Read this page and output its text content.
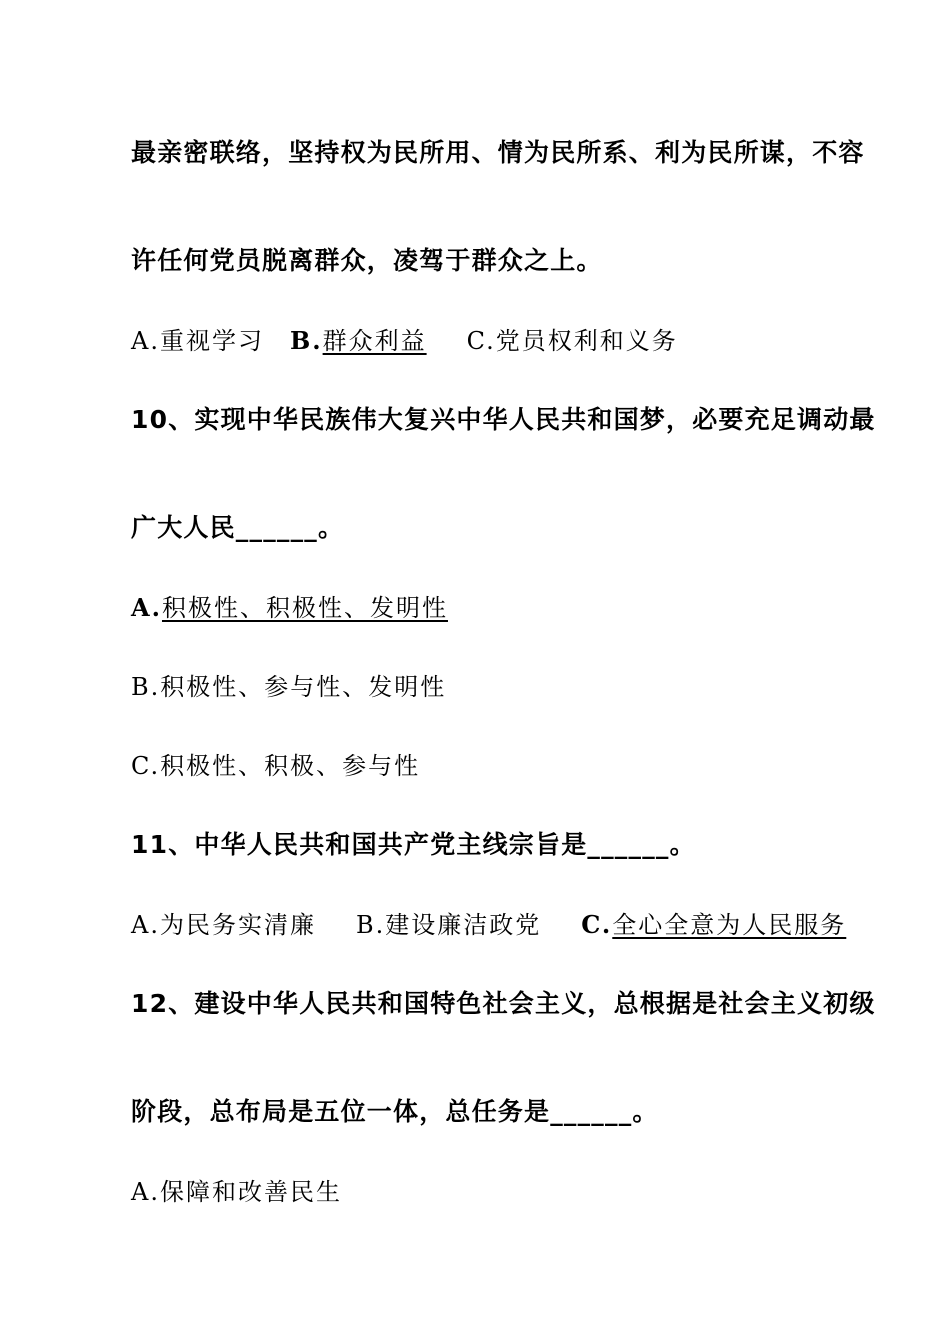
最亲密联络，坚持权为民所用、情为民所系、利为民所谋，不容
许任何党员脱离群众，凌驾于群众之上。
A.重视学习 B.群众利益 C.党员权利和义务
10、实现中华民族伟大复兴中华人民共和国梦，必要充足调动最
广大人民______。
A.积极性、积极性、发明性
B.积极性、参与性、发明性
C.积极性、积极、参与性
11、中华人民共和国共产党主线宗旨是______。
A.为民务实清廉 B.建设廉洁政党 C.全心全意为人民服务
12、建设中华人民共和国特色社会主义，总根据是社会主义初级
阶段，总布局是五位一体，总任务是______。
A.保障和改善民生
